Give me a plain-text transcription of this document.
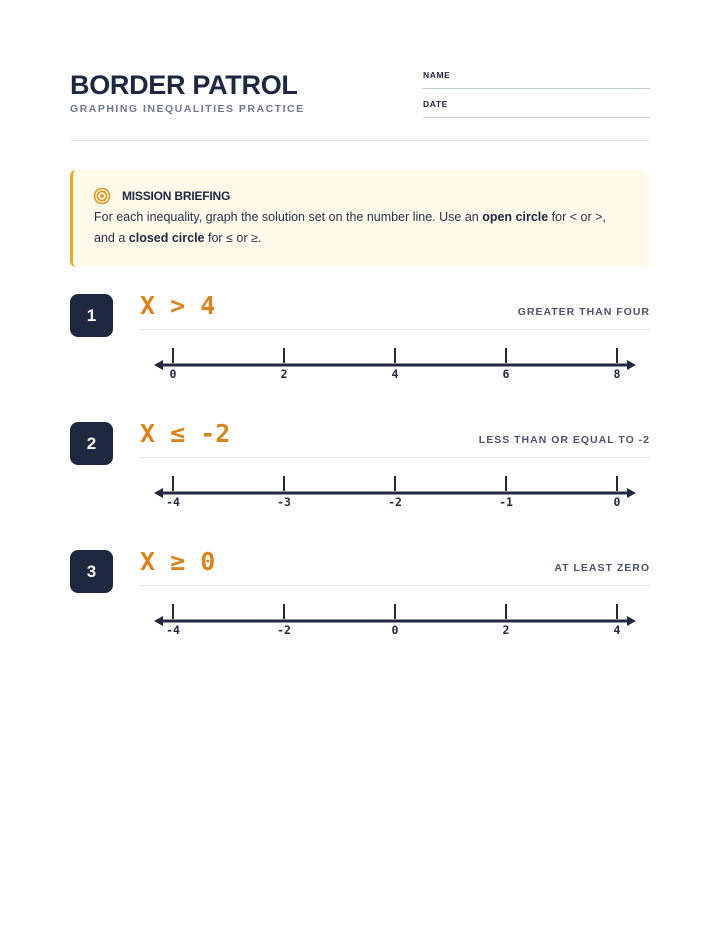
BORDER PATROL
GRAPHING INEQUALITIES PRACTICE
NAME
DATE
MISSION BRIEFING
For each inequality, graph the solution set on the number line. Use an open circle for < or >, and a closed circle for ≤ or ≥.
1	X > 4	GREATER THAN FOUR
0	2	4	6	8
2	X ≤ -2	LESS THAN OR EQUAL TO -2
-4	-3	-2	-1	0
3	X ≥ 0	AT LEAST ZERO
-4	-2	0	2	4
